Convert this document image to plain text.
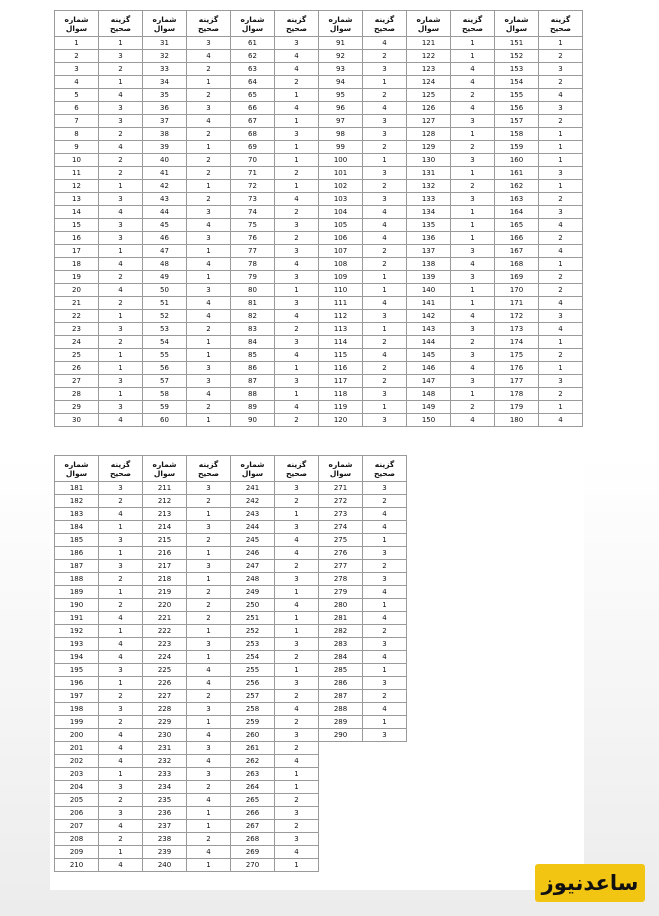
شماره سوال	گزینه صحیح
1	1
2	3
3	2
4	1
5	4
6	3
7	3
8	2
9	4
10	2
11	2
12	1
13	3
14	4
15	3
16	3
17	1
18	4
19	2
20	4
21	2
22	1
23	3
24	2
25	1
26	1
27	3
28	1
29	3
30	4
شماره سوال	گزینه صحیح
31	3
32	4
33	2
34	1
35	2
36	3
37	4
38	2
39	1
40	2
41	2
42	1
43	2
44	3
45	4
46	3
47	1
48	4
49	1
50	3
51	4
52	4
53	2
54	1
55	1
56	3
57	3
58	4
59	2
60	1
شماره سوال	گزینه صحیح
61	3
62	4
63	4
64	2
65	1
66	4
67	1
68	3
69	1
70	1
71	2
72	1
73	4
74	2
75	3
76	2
77	3
78	4
79	3
80	1
81	3
82	4
83	2
84	3
85	4
86	1
87	3
88	1
89	4
90	2
شماره سوال	گزینه صحیح
91	4
92	2
93	3
94	1
95	2
96	4
97	3
98	3
99	2
100	1
101	3
102	2
103	3
104	4
105	4
106	4
107	2
108	2
109	1
110	1
111	4
112	3
113	1
114	2
115	4
116	2
117	2
118	3
119	1
120	3
شماره سوال	گزینه صحیح
121	1
122	1
123	4
124	4
125	2
126	4
127	3
128	1
129	2
130	3
131	1
132	2
133	3
134	1
135	1
136	1
137	3
138	4
139	3
140	1
141	1
142	4
143	3
144	2
145	3
146	4
147	3
148	1
149	2
150	4
شماره سوال	گزینه صحیح
151	1
152	2
153	3
154	2
155	4
156	3
157	2
158	1
159	1
160	1
161	3
162	1
163	2
164	3
165	4
166	2
167	4
168	1
169	2
170	2
171	4
172	3
173	4
174	1
175	2
176	1
177	3
178	2
179	1
180	4
شماره سوال	گزینه صحیح
181	3
182	2
183	4
184	1
185	3
186	1
187	3
188	2
189	1
190	2
191	4
192	1
193	4
194	4
195	3
196	1
197	2
198	3
199	2
200	4
201	4
202	4
203	1
204	3
205	2
206	3
207	4
208	2
209	1
210	4
شماره سوال	گزینه صحیح
211	3
212	2
213	1
214	3
215	2
216	1
217	3
218	1
219	2
220	2
221	2
222	1
223	3
224	1
225	4
226	4
227	2
228	3
229	1
230	4
231	3
232	4
233	3
234	2
235	4
236	1
237	1
238	2
239	4
240	1
شماره سوال	گزینه صحیح
241	3
242	2
243	1
244	3
245	4
246	4
247	2
248	3
249	1
250	4
251	1
252	1
253	3
254	2
255	1
256	3
257	2
258	4
259	2
260	3
261	2
262	4
263	1
264	1
265	2
266	3
267	2
268	3
269	4
270	1
شماره سوال	گزینه صحیح
271	3
272	2
273	4
274	4
275	1
276	3
277	2
278	3
279	4
280	1
281	4
282	2
283	3
284	4
285	1
286	3
287	2
288	4
289	1
290	3
ساعدنیوز
